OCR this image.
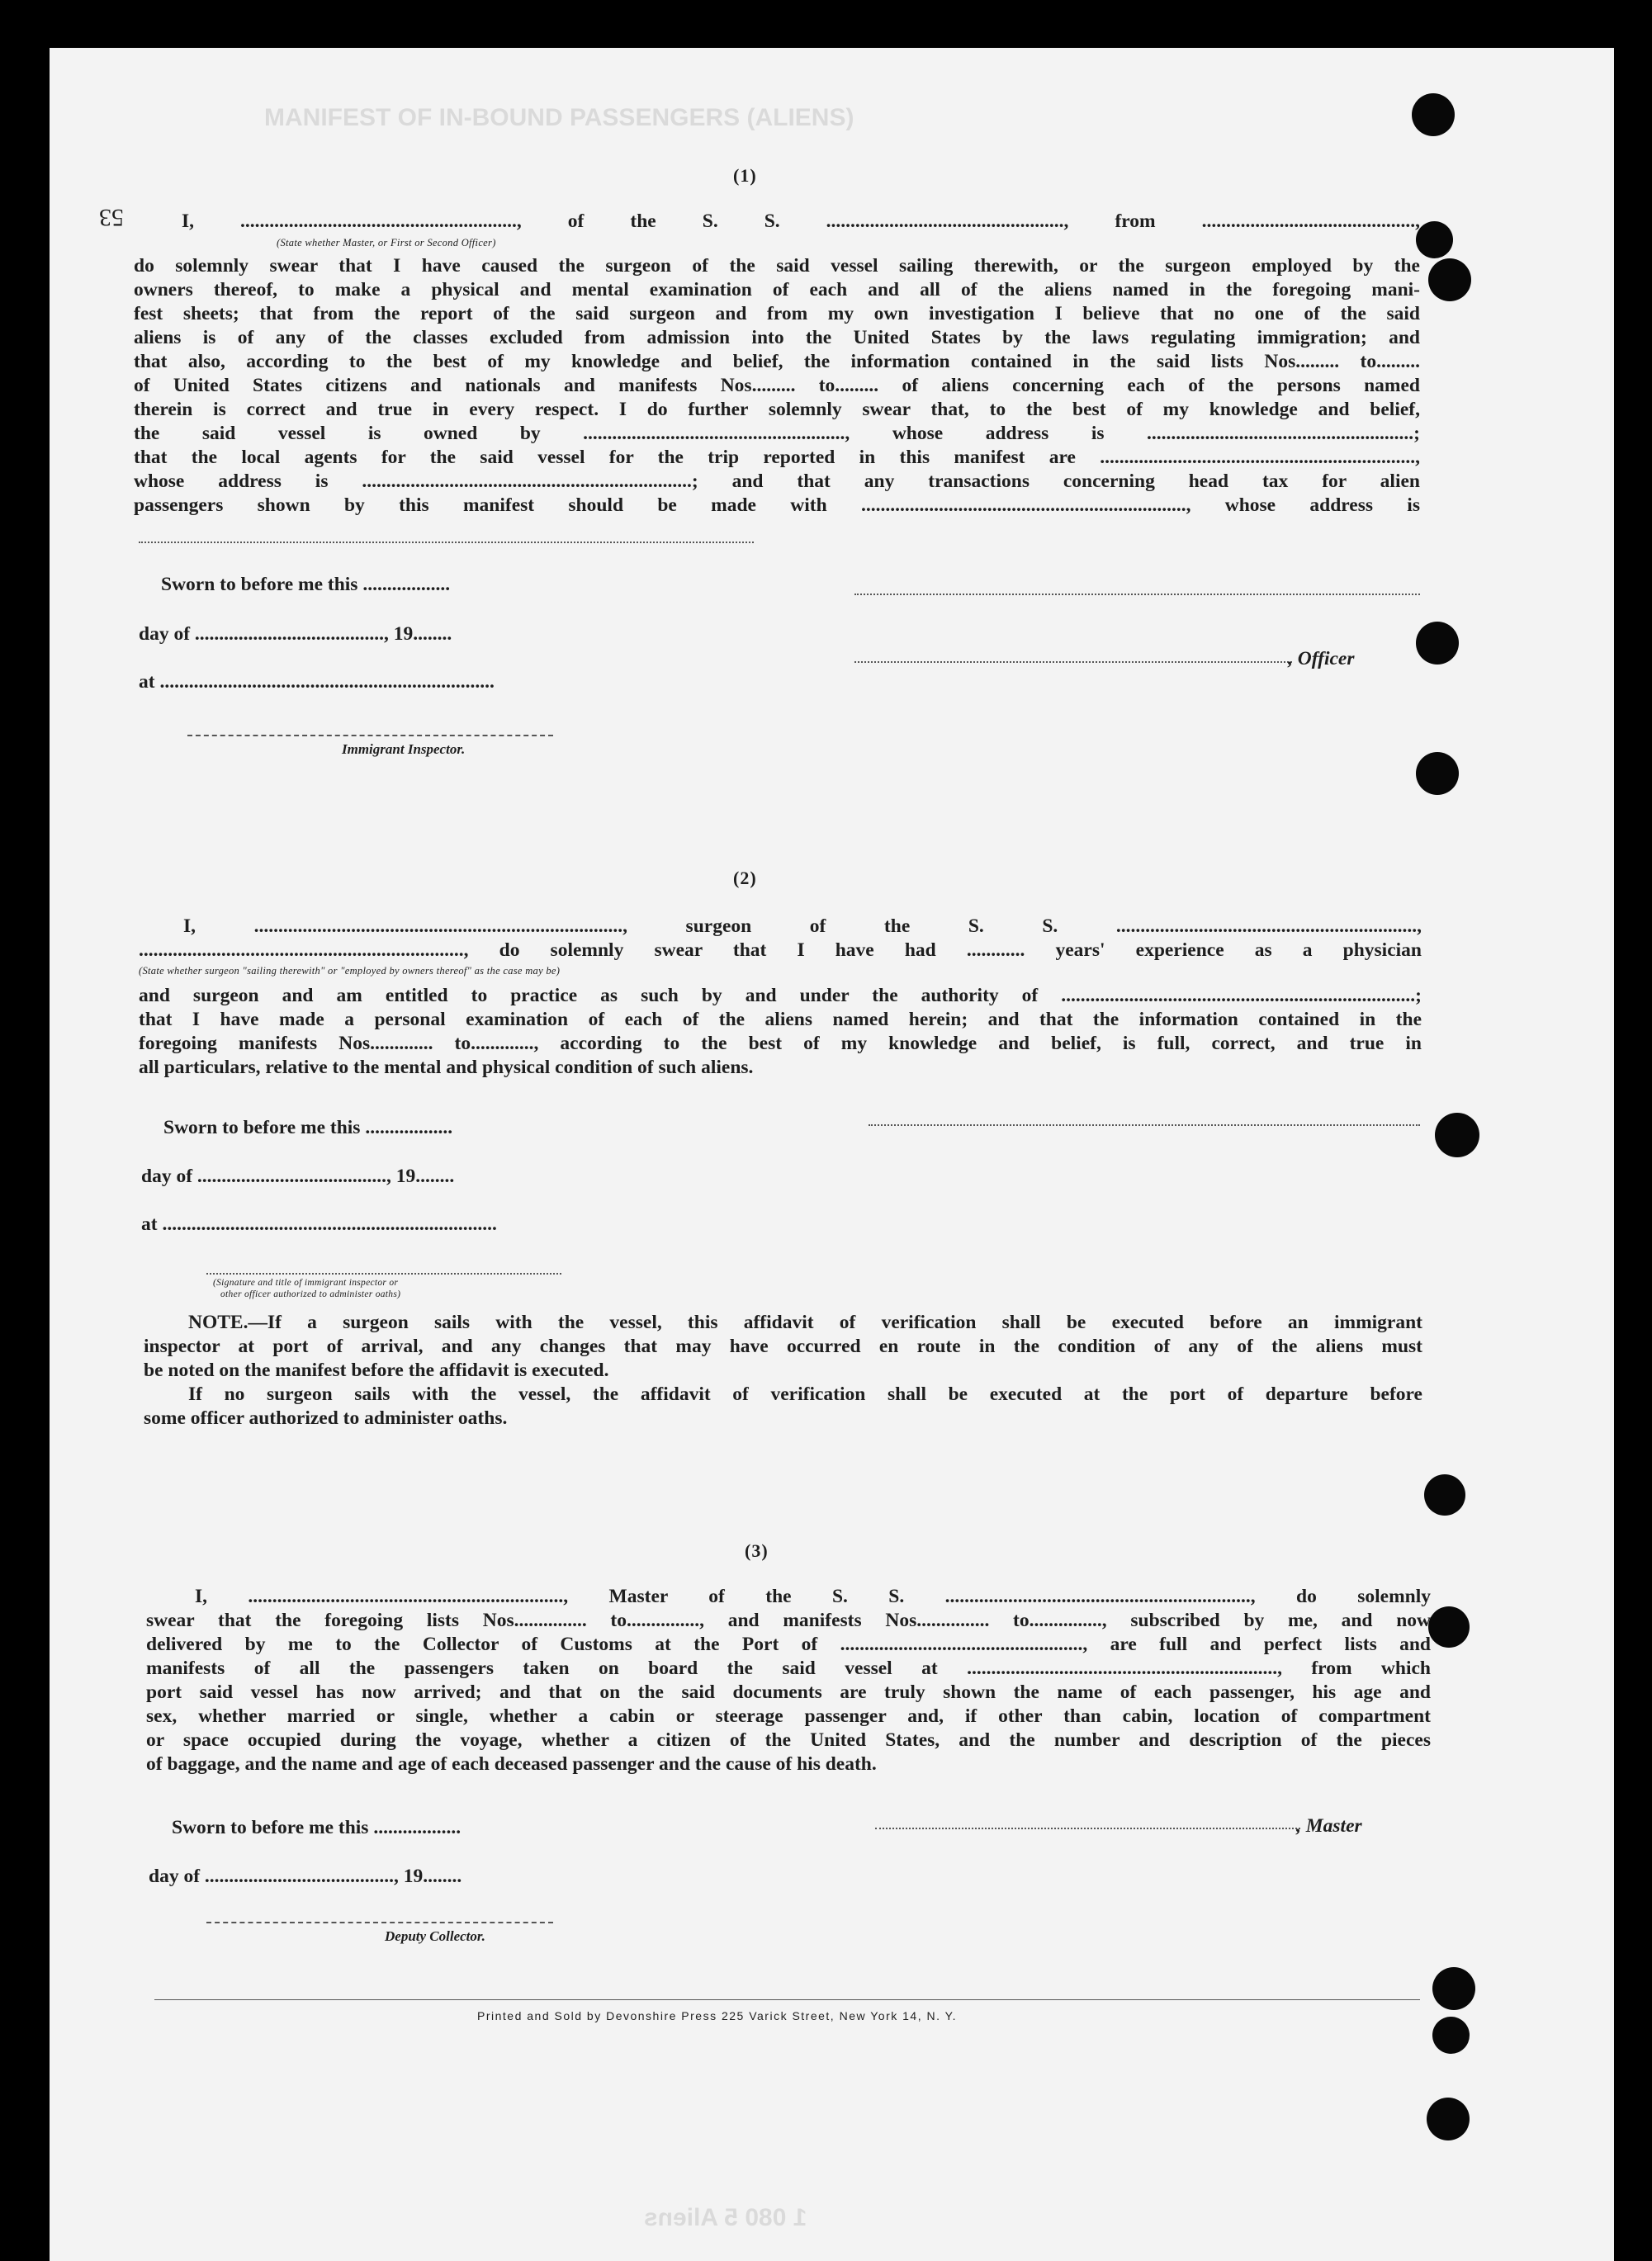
MANIFEST OF IN-BOUND PASSENGERS (ALIENS)
1 080 5 Aliens
53
(1)
I, ........................................................., of the S. S. ................................................., from ............................................,
(State whether Master, or First or Second Officer)
do solemnly swear that I have caused the surgeon of the said vessel sailing therewith, or the surgeon employed by the
owners thereof, to make a physical and mental examination of each and all of the aliens named in the foregoing mani-
fest sheets; that from the report of the said surgeon and from my own investigation I believe that no one of the said
aliens is of any of the classes excluded from admission into the United States by the laws regulating immigration; and
that also, according to the best of my knowledge and belief, the information contained in the said lists Nos......... to.........
of United States citizens and nationals and manifests Nos......... to......... of aliens concerning each of the persons named
therein is correct and true in every respect. I do further solemnly swear that, to the best of my knowledge and belief,
the said vessel is owned by ......................................................, whose address is .......................................................;
that the local agents for the said vessel for the trip reported in this manifest are .................................................................,
whose address is ....................................................................; and that any transactions concerning head tax for alien
passengers shown by this manifest should be made with ..................................................................., whose address is
Sworn to before me this ..................
day of ......................................., 19........
at .....................................................................
, Officer
Immigrant Inspector.
(2)
I, ............................................................................, surgeon of the S. S. ..............................................................,
..................................................................., do solemnly swear that I have had ............ years' experience as a physician
(State whether surgeon "sailing therewith" or "employed by owners thereof" as the case may be)
and surgeon and am entitled to practice as such by and under the authority of .........................................................................;
that I have made a personal examination of each of the aliens named herein; and that the information contained in the
foregoing manifests Nos............. to............., according to the best of my knowledge and belief, is full, correct, and true in
all particulars, relative to the mental and physical condition of such aliens.
Sworn to before me this ..................
day of ......................................., 19........
at .....................................................................
(Signature and title of immigrant inspector or
other officer authorized to administer oaths)
NOTE.—If a surgeon sails with the vessel, this affidavit of verification shall be executed before an immigrant
inspector at port of arrival, and any changes that may have occurred en route in the condition of any of the aliens must
be noted on the manifest before the affidavit is executed.
If no surgeon sails with the vessel, the affidavit of verification shall be executed at the port of departure before
some officer authorized to administer oaths.
(3)
I, ................................................................., Master of the S. S. ..............................................................., do solemnly
swear that the foregoing lists Nos............... to..............., and manifests Nos............... to..............., subscribed by me, and now
delivered by me to the Collector of Customs at the Port of .................................................., are full and perfect lists and
manifests of all the passengers taken on board the said vessel at ................................................................, from which
port said vessel has now arrived; and that on the said documents are truly shown the name of each passenger, his age and
sex, whether married or single, whether a cabin or steerage passenger and, if other than cabin, location of compartment
or space occupied during the voyage, whether a citizen of the United States, and the number and description of the pieces
of baggage, and the name and age of each deceased passenger and the cause of his death.
Sworn to before me this ..................
day of ......................................., 19........
, Master
Deputy Collector.
Printed and Sold by Devonshire Press 225 Varick Street, New York 14, N. Y.
